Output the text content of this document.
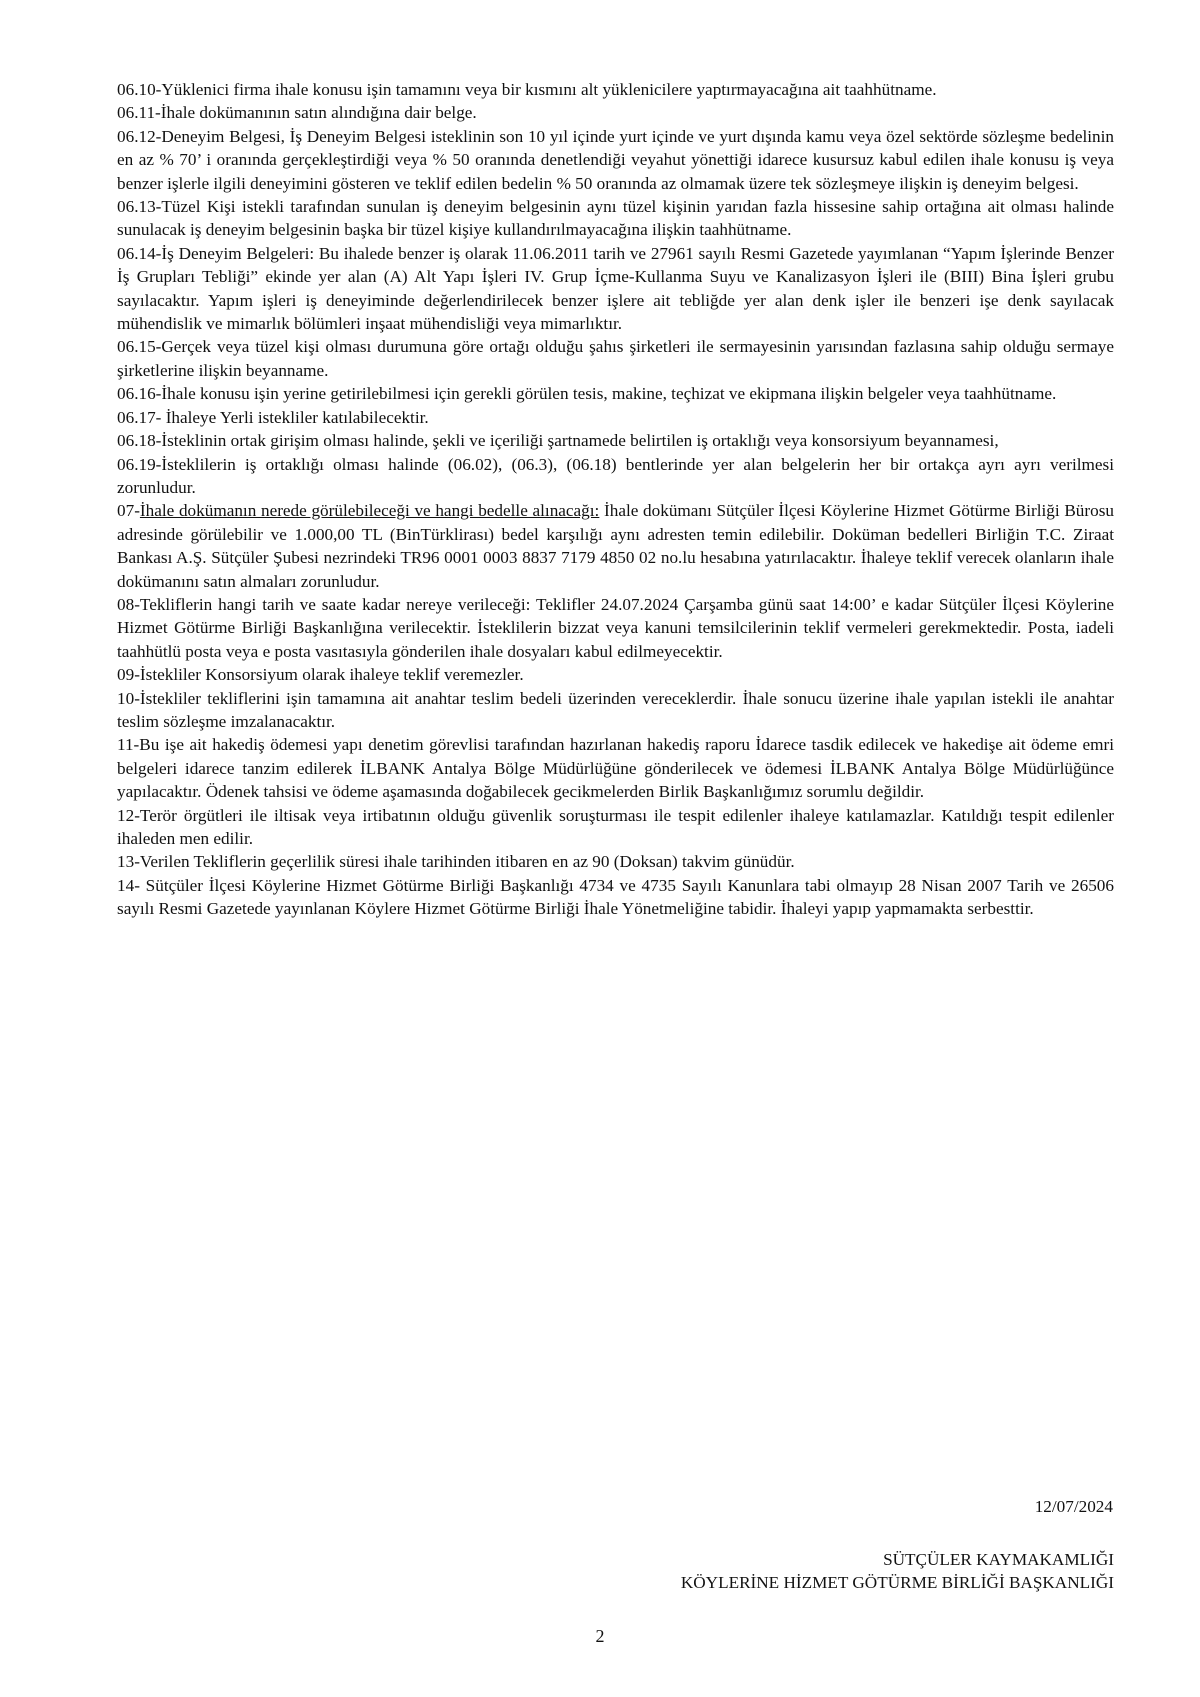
06.10-Yüklenici firma ihale konusu işin tamamını veya bir kısmını alt yüklenicilere yaptırmayacağına ait taahhütname.

06.11-İhale dokümanının satın alındığına dair belge.

06.12-Deneyim Belgesi, İş Deneyim Belgesi isteklinin son 10 yıl içinde yurt içinde ve yurt dışında kamu veya özel sektörde sözleşme bedelinin en az % 70’ i oranında gerçekleştirdiği veya % 50 oranında denetlendiği veyahut yönettiği idarece kusursuz kabul edilen ihale konusu iş veya benzer işlerle ilgili deneyimini gösteren ve teklif edilen bedelin % 50 oranında az olmamak üzere tek sözleşmeye ilişkin iş deneyim belgesi.

06.13-Tüzel Kişi istekli tarafından sunulan iş deneyim belgesinin aynı tüzel kişinin yarıdan fazla hissesine sahip ortağına ait olması halinde sunulacak iş deneyim belgesinin başka bir tüzel kişiye kullandırılmayacağına ilişkin taahhütname.

06.14-İş Deneyim Belgeleri: Bu ihalede benzer iş olarak 11.06.2011 tarih ve 27961 sayılı Resmi Gazetede yayımlanan “Yapım İşlerinde Benzer İş Grupları Tebliği” ekinde yer alan (A) Alt Yapı İşleri IV. Grup İçme-Kullanma Suyu ve Kanalizasyon İşleri ile (BIII) Bina İşleri grubu sayılacaktır. Yapım işleri iş deneyiminde değerlendirilecek benzer işlere ait tebliğde yer alan denk işler ile benzeri işe denk sayılacak mühendislik ve mimarlık bölümleri inşaat mühendisliği veya mimarlıktır.

06.15-Gerçek veya tüzel kişi olması durumuna göre ortağı olduğu şahıs şirketleri ile sermayesinin yarısından fazlasına sahip olduğu sermaye şirketlerine ilişkin beyanname.

06.16-İhale konusu işin yerine getirilebilmesi için gerekli görülen tesis, makine, teçhizat ve ekipmana ilişkin belgeler veya taahhütname.

06.17- İhaleye Yerli istekliler katılabilecektir.

06.18-İsteklinin ortak girişim olması halinde, şekli ve içeriliği şartnamede belirtilen iş ortaklığı veya konsorsiyum beyannamesi,

06.19-İsteklilerin iş ortaklığı olması halinde (06.02), (06.3), (06.18) bentlerinde yer alan belgelerin her bir ortakça ayrı ayrı verilmesi zorunludur.

07-İhale dokümanın nerede görülebileceği ve hangi bedelle alınacağı: İhale dokümanı Sütçüler İlçesi Köylerine Hizmet Götürme Birliği Bürosu adresinde görülebilir ve 1.000,00 TL (BinTürklirası) bedel karşılığı aynı adresten temin edilebilir. Doküman bedelleri Birliğin T.C. Ziraat Bankası A.Ş. Sütçüler Şubesi nezrindeki TR96 0001 0003 8837 7179 4850 02 no.lu hesabına yatırılacaktır. İhaleye teklif verecek olanların ihale dokümanını satın almaları zorunludur.

08-Tekliflerin hangi tarih ve saate kadar nereye verileceği: Teklifler 24.07.2024 Çarşamba günü saat 14:00’ e kadar Sütçüler İlçesi Köylerine Hizmet Götürme Birliği Başkanlığına verilecektir. İsteklilerin bizzat veya kanuni temsilcilerinin teklif vermeleri gerekmektedir. Posta, iadeli taahhütlü posta veya e posta vasıtasıyla gönderilen ihale dosyaları kabul edilmeyecektir.

09-İstekliler Konsorsiyum olarak ihaleye teklif veremezler.

10-İstekliler tekliflerini işin tamamına ait anahtar teslim bedeli üzerinden vereceklerdir. İhale sonucu üzerine ihale yapılan istekli ile anahtar teslim sözleşme imzalanacaktır.

11-Bu işe ait hakediş ödemesi yapı denetim görevlisi tarafından hazırlanan hakediş raporu İdarece tasdik edilecek ve hakedişe ait ödeme emri belgeleri idarece tanzim edilerek İLBANK Antalya Bölge Müdürlüğüne gönderilecek ve ödemesi İLBANK Antalya Bölge Müdürlüğünce yapılacaktır. Ödenek tahsisi ve ödeme aşamasında doğabilecek gecikmelerden Birlik Başkanlığımız sorumlu değildir.

12-Terör örgütleri ile iltisak veya irtibatının olduğu güvenlik soruşturması ile tespit edilenler ihaleye katılamazlar. Katıldığı tespit edilenler ihaleden men edilir.

13-Verilen Tekliflerin geçerlilik süresi ihale tarihinden itibaren en az 90 (Doksan) takvim günüdür.

14- Sütçüler İlçesi Köylerine Hizmet Götürme Birliği Başkanlığı 4734 ve 4735 Sayılı Kanunlara tabi olmayıp 28 Nisan 2007 Tarih ve 26506 sayılı Resmi Gazetede yayınlanan Köylere Hizmet Götürme Birliği İhale Yönetmeliğine tabidir. İhaleyi yapıp yapmamakta serbesttir.

12/07/2024
SÜTÇÜLER KAYMAKAMLIĞI
KÖYLERİNE HİZMET GÖTÜRME BİRLİĞİ BAŞKANLIĞI
2
